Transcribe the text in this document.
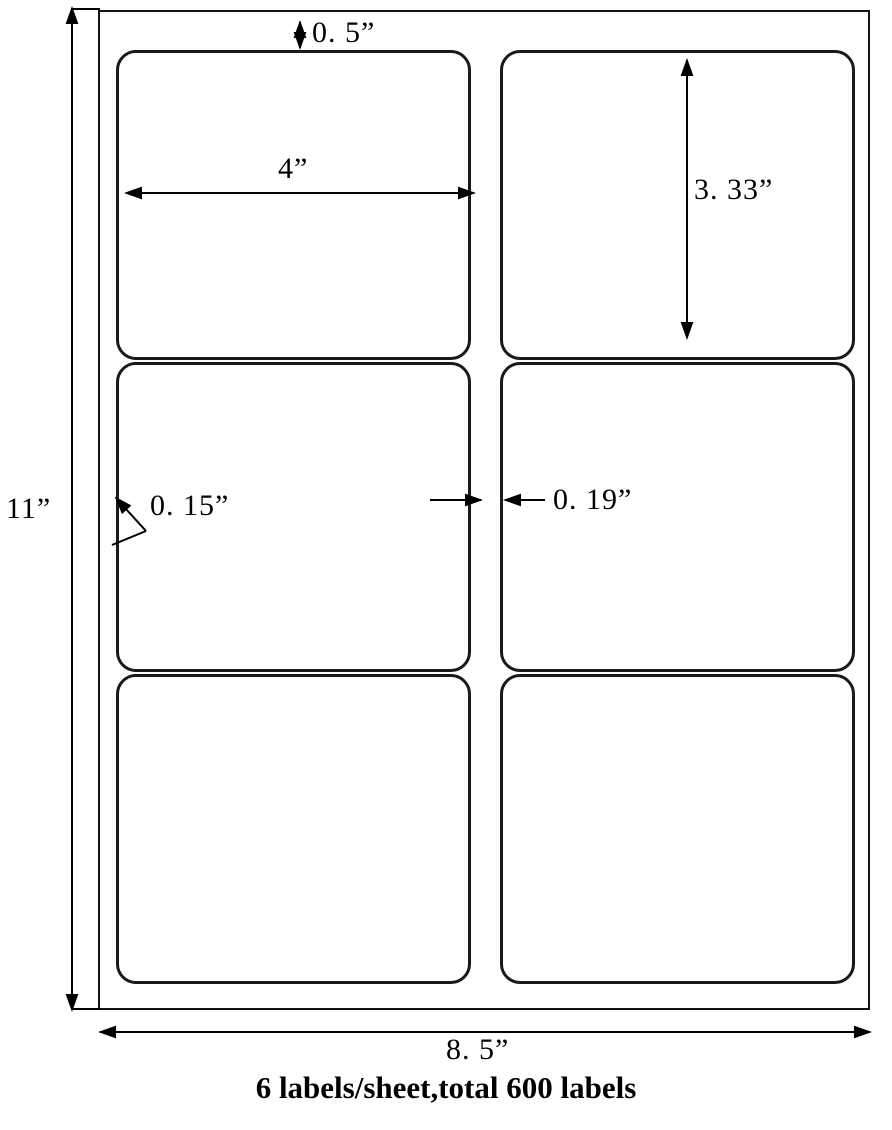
0. 5”
4”
3. 33”
0. 15”	0. 19”
11”
8. 5”
6 labels/sheet,total 600 labels
